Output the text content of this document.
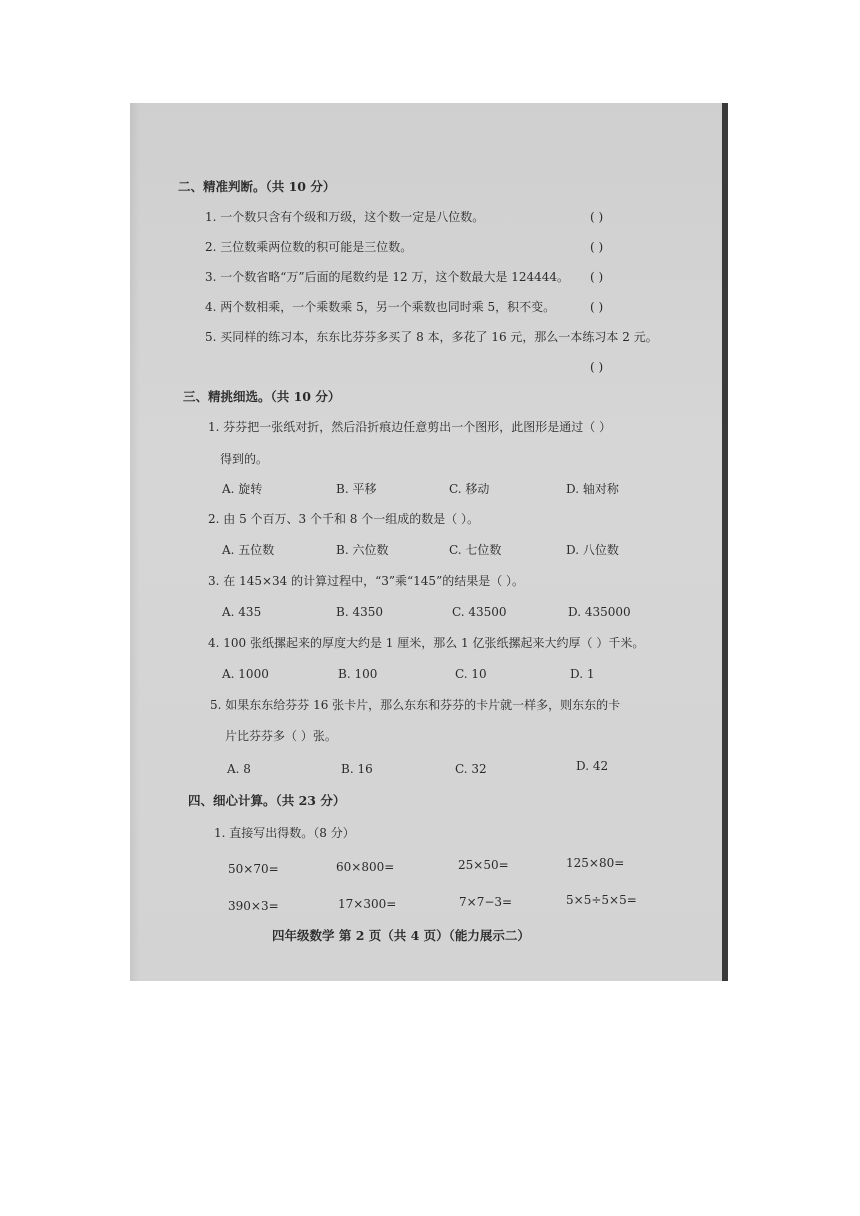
二、精准判断。（共 10 分）
1. 一个数只含有个级和万级，这个数一定是八位数。	( )
2. 三位数乘两位数的积可能是三位数。	( )
3. 一个数省略“万”后面的尾数约是 12 万，这个数最大是 124444。 ( )
4. 两个数相乘，一个乘数乘 5，另一个乘数也同时乘 5，积不变。	( )
5. 买同样的练习本，东东比芬芬多买了 8 本，多花了 16 元，那么一本练习本 2 元。
( )
三、精挑细选。（共 10 分）
1. 芬芬把一张纸对折，然后沿折痕边任意剪出一个图形，此图形是通过（ ）
得到的。
A. 旋转	B. 平移	C. 移动	D. 轴对称
2. 由 5 个百万、3 个千和 8 个一组成的数是（ ）。
A. 五位数	B. 六位数	C. 七位数	D. 八位数
3. 在 145×34 的计算过程中，“3”乘“145”的结果是（ ）。
A. 435	B. 4350	C. 43500	D. 435000
4. 100 张纸摞起来的厚度大约是 1 厘米，那么 1 亿张纸摞起来大约厚（ ）千米。
A. 1000	B. 100	C. 10	D. 1
5. 如果东东给芬芬 16 张卡片，那么东东和芬芬的卡片就一样多，则东东的卡
片比芬芬多（ ）张。
A. 8	B. 16	C. 32	D. 42
四、细心计算。（共 23 分）
1. 直接写出得数。（8 分）
50×70=	60×800=	25×50=	125×80=
390×3=	17×300=	7×7−3=	5×5÷5×5=
四年级数学 第 2 页（共 4 页）（能力展示二）
